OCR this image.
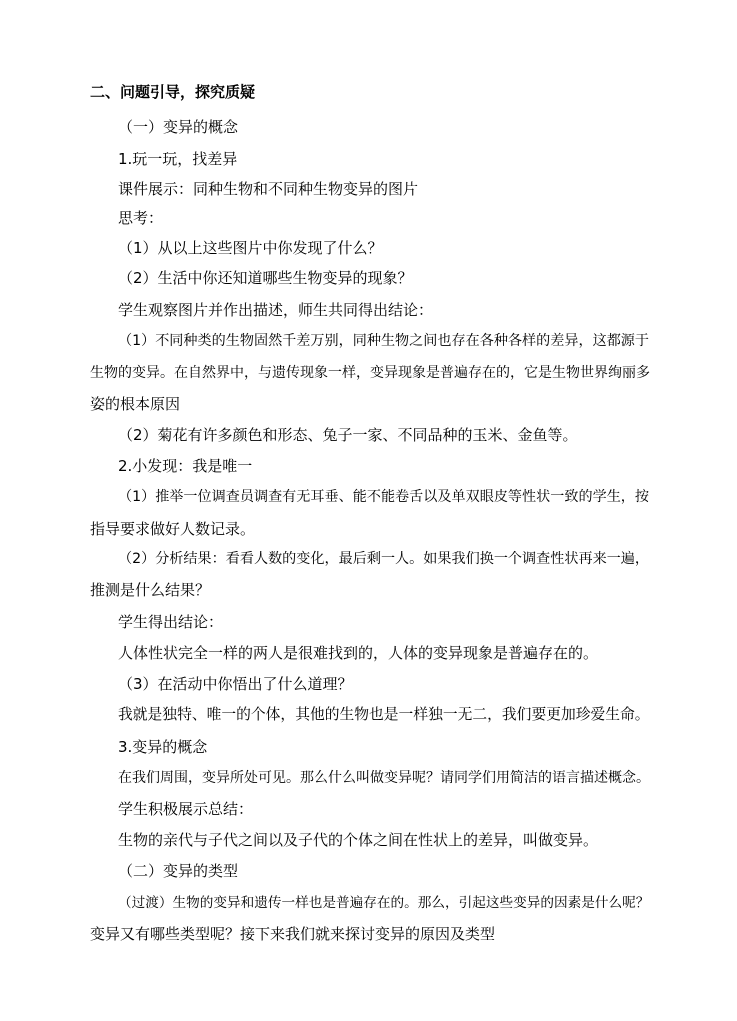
二、问题引导，探究质疑
（一）变异的概念
1.玩一玩，找差异
课件展示：同种生物和不同种生物变异的图片
思考：
（1）从以上这些图片中你发现了什么？
（2）生活中你还知道哪些生物变异的现象？
学生观察图片并作出描述，师生共同得出结论：
（1）不同种类的生物固然千差万别，同种生物之间也存在各种各样的差异，这都源于
生物的变异。在自然界中，与遗传现象一样，变异现象是普遍存在的，它是生物世界绚丽多
姿的根本原因
（2）菊花有许多颜色和形态、兔子一家、不同品种的玉米、金鱼等。
2.小发现：我是唯一
（1）推举一位调查员调查有无耳垂、能不能卷舌以及单双眼皮等性状一致的学生，按
指导要求做好人数记录。
（2）分析结果：看看人数的变化，最后剩一人。如果我们换一个调查性状再来一遍，
推测是什么结果？
学生得出结论：
人体性状完全一样的两人是很难找到的，人体的变异现象是普遍存在的。
（3）在活动中你悟出了什么道理？
我就是独特、唯一的个体，其他的生物也是一样独一无二，我们要更加珍爱生命。
3.变异的概念
在我们周围，变异所处可见。那么什么叫做变异呢？请同学们用简洁的语言描述概念。
学生积极展示总结：
生物的亲代与子代之间以及子代的个体之间在性状上的差异，叫做变异。
（二）变异的类型
（过渡）生物的变异和遗传一样也是普遍存在的。那么，引起这些变异的因素是什么呢？
变异又有哪些类型呢？接下来我们就来探讨变异的原因及类型
